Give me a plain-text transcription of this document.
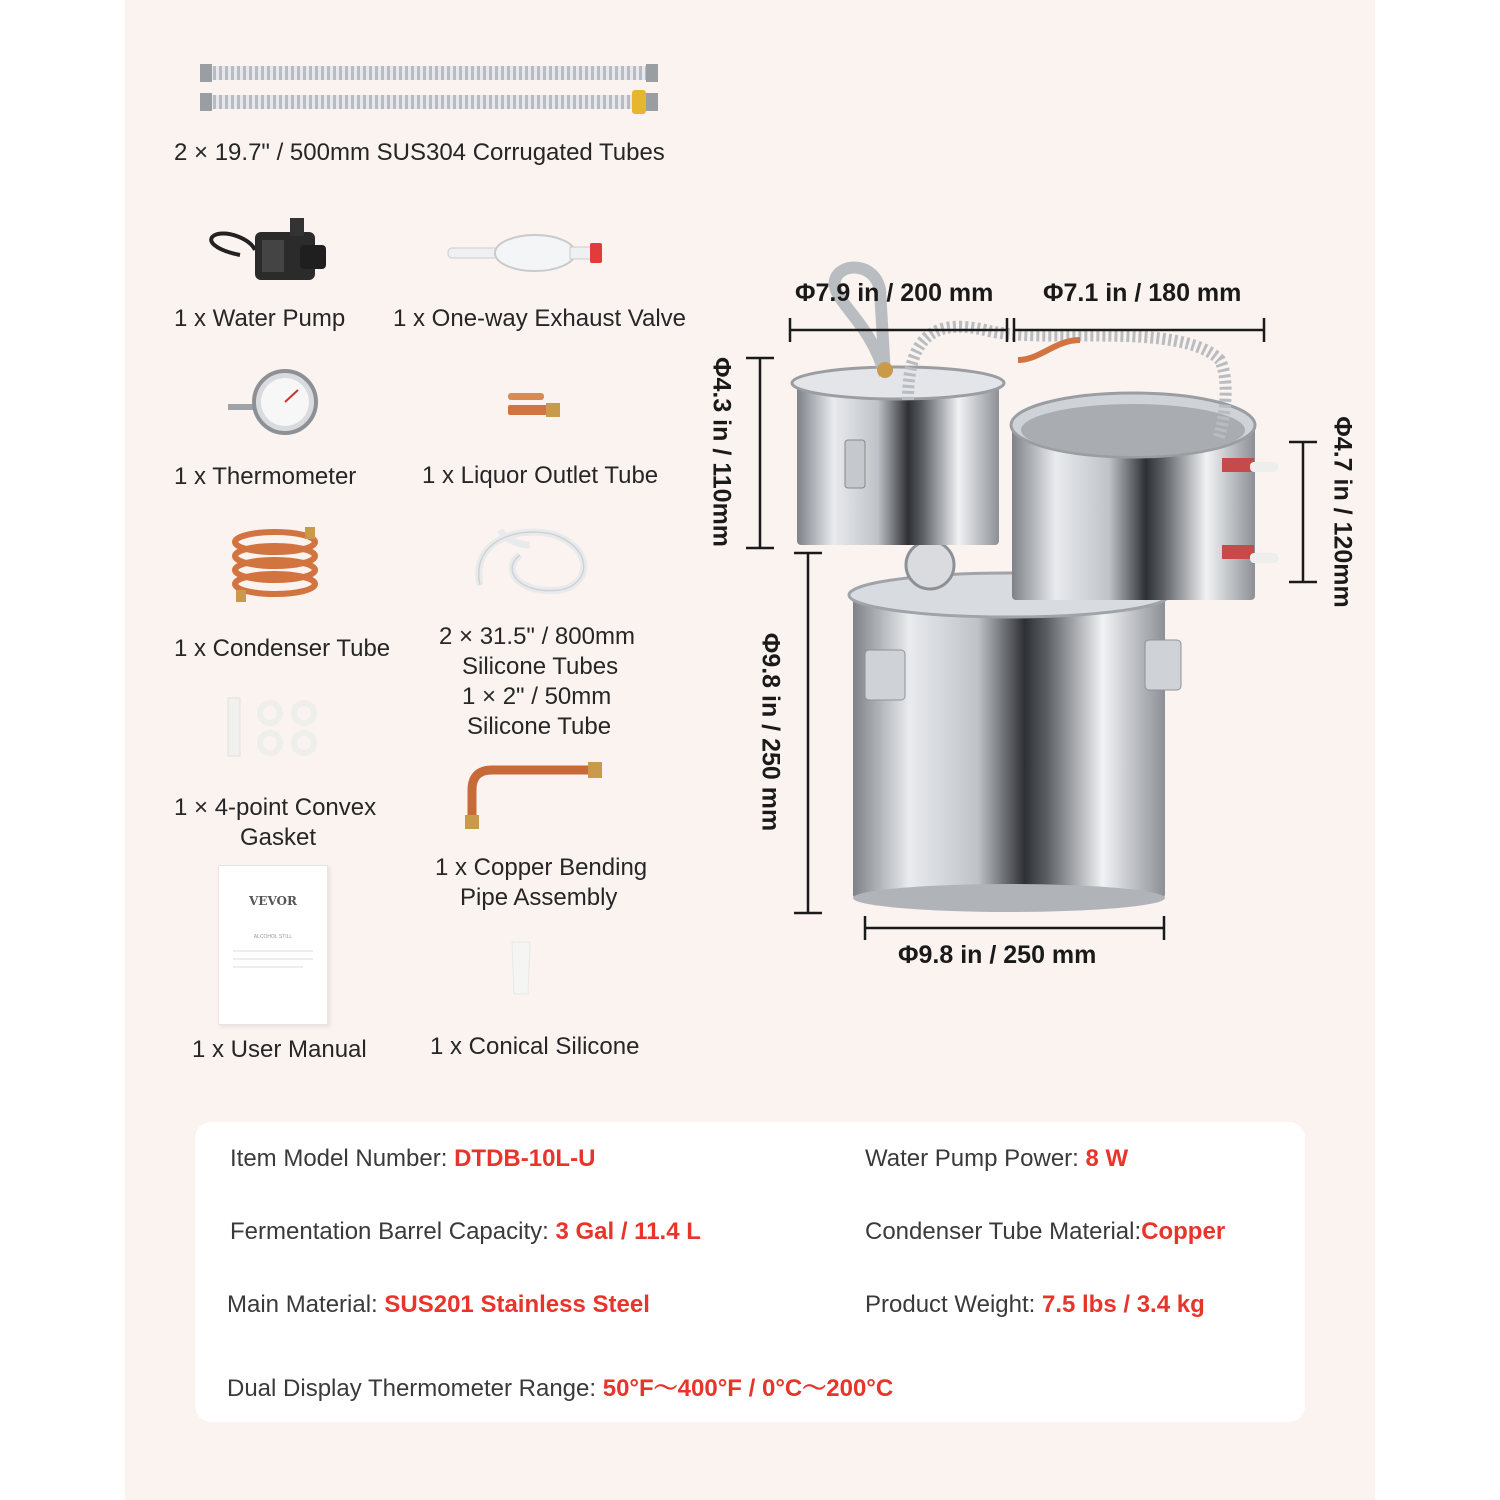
2 × 19.7" / 500mm SUS304 Corrugated Tubes
1 x Water Pump 1 x One-way Exhaust Valve
1 x Thermometer	1 x Liquor Outlet Tube
1 x Condenser Tube 2 × 31.5" / 800mm
Silicone Tubes
1 × 2" / 50mm
Silicone Tube
1 × 4-point Convex
Gasket
1 x Copper Bending
Pipe Assembly
VEVOR
ALCOHOL STILL
1 x User Manual	1 x Conical Silicone
Φ7.9 in / 200 mm Φ7.1 in / 180 mm
Φ9.8 in / 250 mm
Φ4.3 in / 110mm
Φ9.8 in / 250 mm
Φ4.7 in / 120mm
Item Model Number: DTDB-10L-U	Water Pump Power: 8 W
Fermentation Barrel Capacity: 3 Gal / 11.4 L	Condenser Tube Material:Copper
Main Material: SUS201 Stainless Steel	Product Weight: 7.5 lbs / 3.4 kg
Dual Display Thermometer Range: 50°F～400°F / 0°C～200°C
